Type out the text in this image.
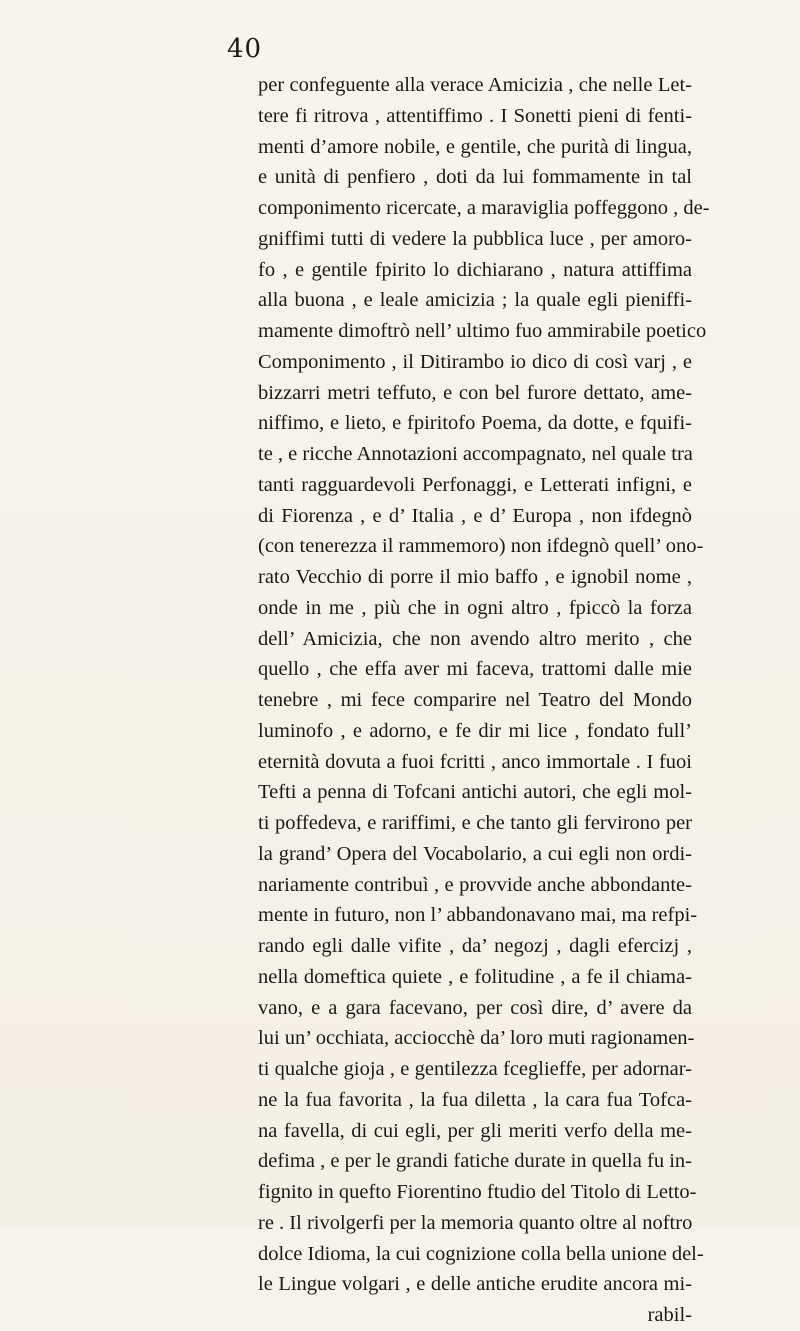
40
per confeguente alla verace Amicizia , che nelle Let-
tere fi ritrova , attentiffimo . I Sonetti pieni di fenti-
menti d’amore nobile, e gentile, che purità di lingua,
e unità di penfiero , doti da lui fommamente in tal
componimento ricercate, a maraviglia poffeggono , de-
gniffimi tutti di vedere la pubblica luce , per amoro-
fo , e gentile fpirito lo dichiarano , natura attiffima
alla buona , e leale amicizia ; la quale egli pieniffi-
mamente dimoftrò nell’ ultimo fuo ammirabile poetico
Componimento , il Ditirambo io dico di così varj , e
bizzarri metri teffuto, e con bel furore dettato, ame-
niffimo, e lieto, e fpiritofo Poema, da dotte, e fquifi-
te , e ricche Annotazioni accompagnato, nel quale tra
tanti ragguardevoli Perfonaggi, e Letterati infigni, e
di Fiorenza , e d’ Italia , e d’ Europa , non ifdegnò
(con tenerezza il rammemoro) non ifdegnò quell’ ono-
rato Vecchio di porre il mio baffo , e ignobil nome ,
onde in me , più che in ogni altro , fpiccò la forza
dell’ Amicizia, che non avendo altro merito , che
quello , che effa aver mi faceva, trattomi dalle mie
tenebre , mi fece comparire nel Teatro del Mondo
luminofo , e adorno, e fe dir mi lice , fondato full’
eternità dovuta a fuoi fcritti , anco immortale . I fuoi
Tefti a penna di Tofcani antichi autori, che egli mol-
ti poffedeva, e rariffimi, e che tanto gli fervirono per
la grand’ Opera del Vocabolario, a cui egli non ordi-
nariamente contribuì , e provvide anche abbondante-
mente in futuro, non l’ abbandonavano mai, ma refpi-
rando egli dalle vifite , da’ negozj , dagli efercizj ,
nella domeftica quiete , e folitudine , a fe il chiama-
vano, e a gara facevano, per così dire, d’ avere da
lui un’ occhiata, acciocchè da’ loro muti ragionamen-
ti qualche gioja , e gentilezza fceglieffe, per adornar-
ne la fua favorita , la fua diletta , la cara fua Tofca-
na favella, di cui egli, per gli meriti verfo della me-
defima , e per le grandi fatiche durate in quella fu in-
fignito in quefto Fiorentino ftudio del Titolo di Letto-
re . Il rivolgerfi per la memoria quanto oltre al noftro
dolce Idioma, la cui cognizione colla bella unione del-
le Lingue volgari , e delle antiche erudite ancora mi-
rabil-
